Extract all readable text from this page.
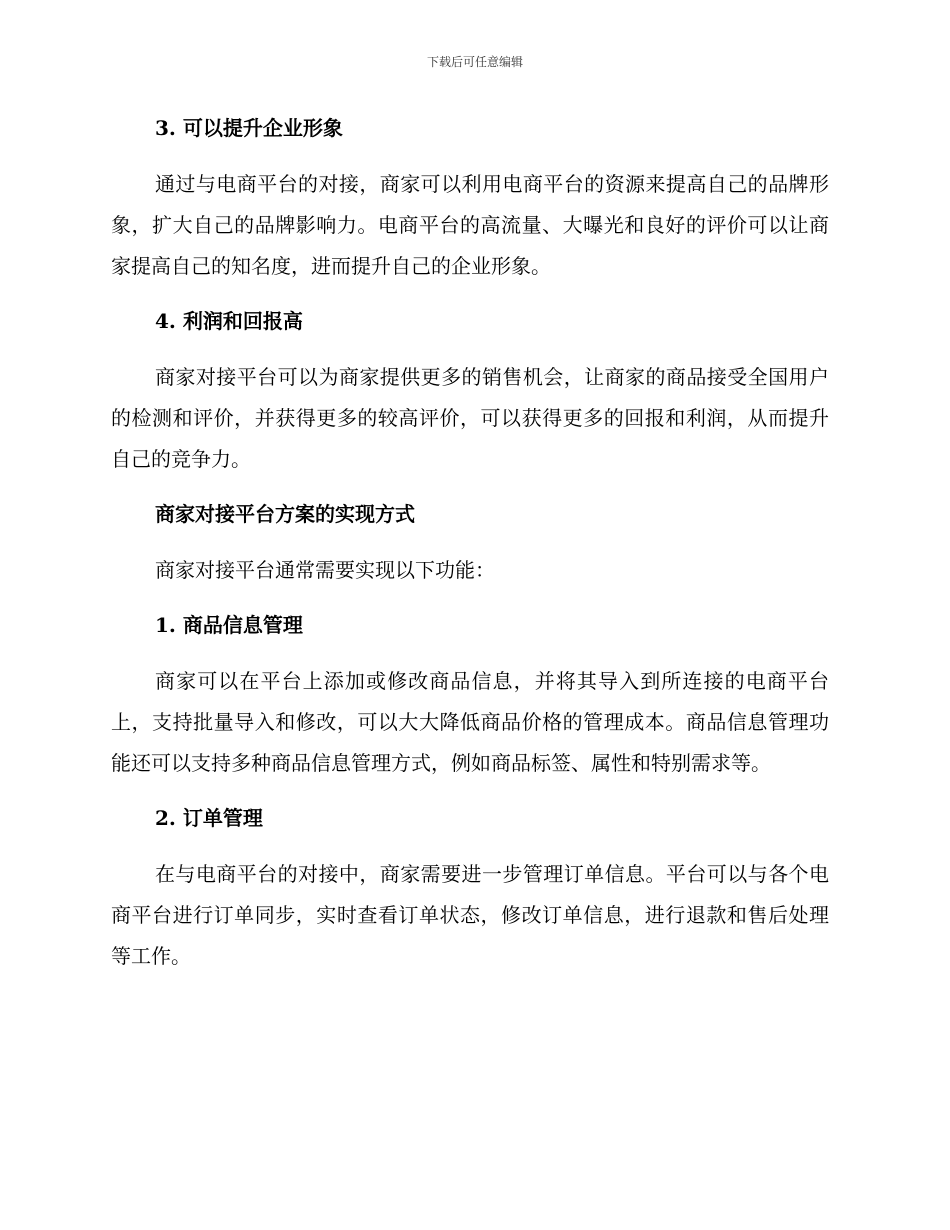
下载后可任意编辑
3. 可以提升企业形象

通过与电商平台的对接，商家可以利用电商平台的资源来提高自己的品牌形象，扩大自己的品牌影响力。电商平台的高流量、大曝光和良好的评价可以让商家提高自己的知名度，进而提升自己的企业形象。

4. 利润和回报高

商家对接平台可以为商家提供更多的销售机会，让商家的商品接受全国用户的检测和评价，并获得更多的较高评价，可以获得更多的回报和利润，从而提升自己的竞争力。

商家对接平台方案的实现方式

商家对接平台通常需要实现以下功能：

1. 商品信息管理

商家可以在平台上添加或修改商品信息，并将其导入到所连接的电商平台上，支持批量导入和修改，可以大大降低商品价格的管理成本。商品信息管理功能还可以支持多种商品信息管理方式，例如商品标签、属性和特别需求等。

2. 订单管理

在与电商平台的对接中，商家需要进一步管理订单信息。平台可以与各个电商平台进行订单同步，实时查看订单状态，修改订单信息，进行退款和售后处理等工作。
